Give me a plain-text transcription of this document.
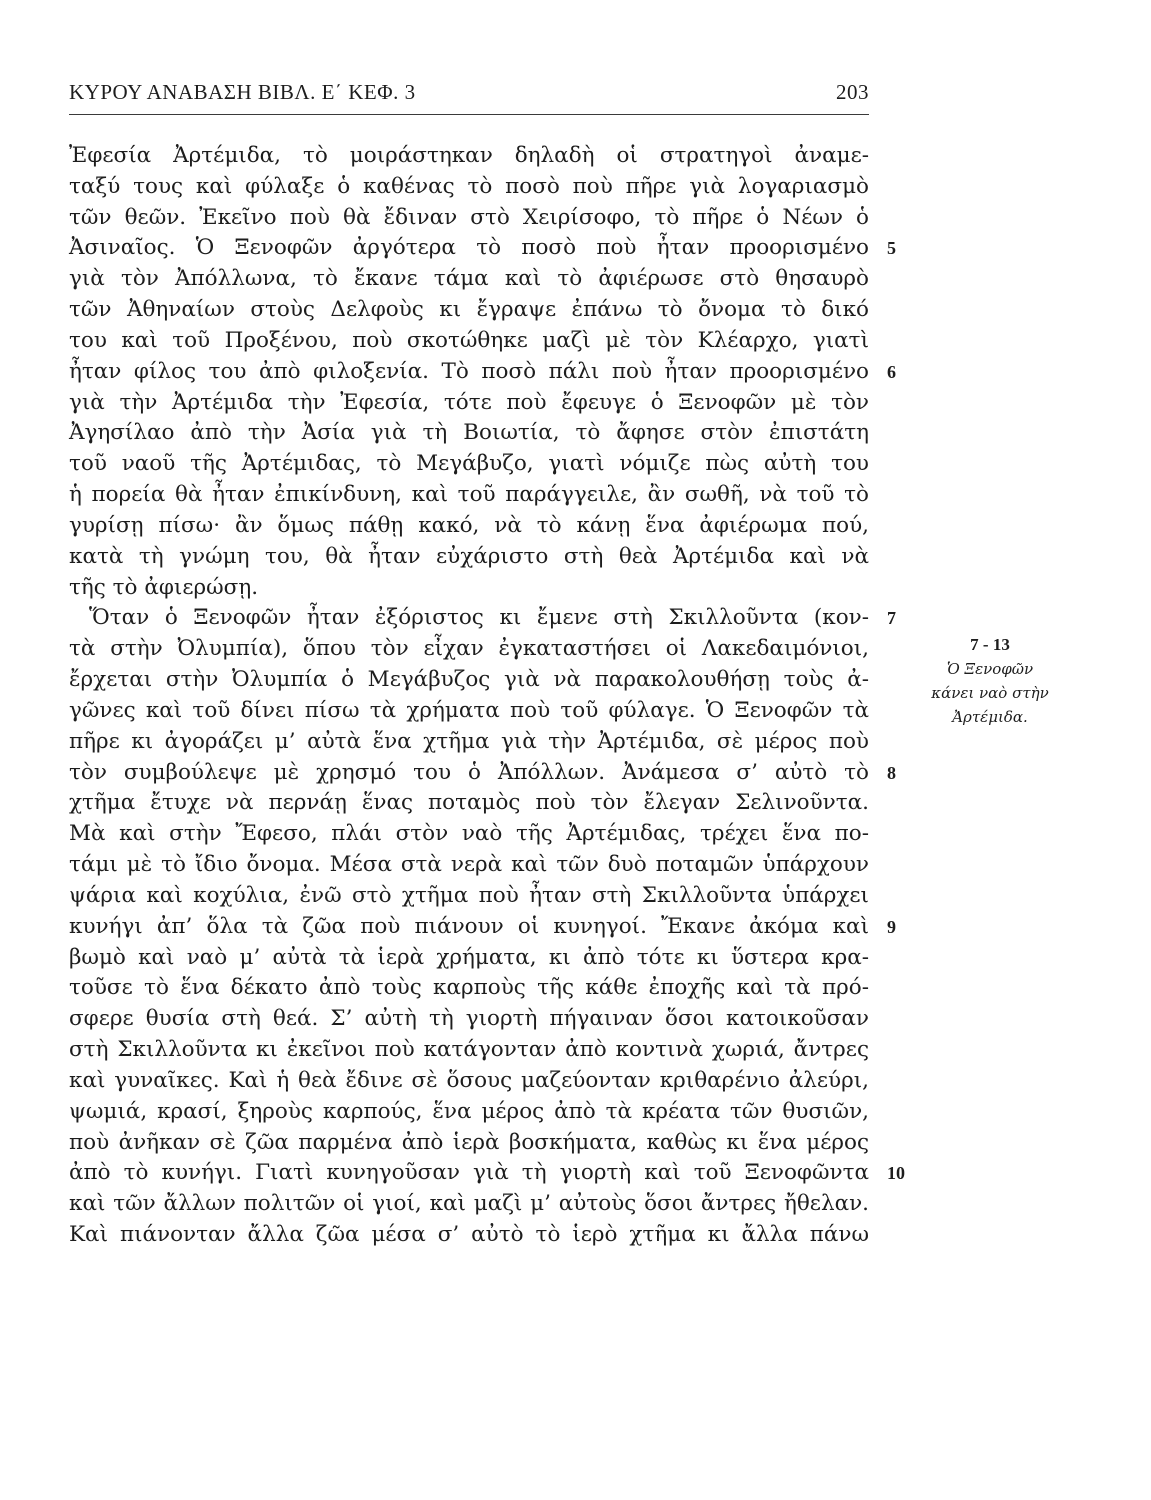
ΚΥΡΟΥ ΑΝΑΒΑΣΗ ΒΙΒΛ. Ε΄ ΚΕΦ. 3	203
Ἐφεσία Ἀρτέμιδα, τὸ μοιράστηκαν δηλαδὴ οἱ στρατηγοὶ ἀναμε-
ταξύ τους καὶ φύλαξε ὁ καθένας τὸ ποσὸ ποὺ πῆρε γιὰ λογαριασμὸ
τῶν θεῶν. Ἐκεῖνο ποὺ θὰ ἔδιναν στὸ Χειρίσοφο, τὸ πῆρε ὁ Νέων ὁ
Ἀσιναῖος. Ὁ Ξενοφῶν ἀργότερα τὸ ποσὸ ποὺ ἦταν προορισμένο 5
γιὰ τὸν Ἀπόλλωνα, τὸ ἔκανε τάμα καὶ τὸ ἀφιέρωσε στὸ θησαυρὸ
τῶν Ἀθηναίων στοὺς Δελφοὺς κι ἔγραψε ἐπάνω τὸ ὄνομα τὸ δικό
του καὶ τοῦ Προξένου, ποὺ σκοτώθηκε μαζὶ μὲ τὸν Κλέαρχο, γιατὶ
ἦταν φίλος του ἀπὸ φιλοξενία. Τὸ ποσὸ πάλι ποὺ ἦταν προορισμένο 6
γιὰ τὴν Ἀρτέμιδα τὴν Ἐφεσία, τότε ποὺ ἔφευγε ὁ Ξενοφῶν μὲ τὸν
Ἀγησίλαο ἀπὸ τὴν Ἀσία γιὰ τὴ Βοιωτία, τὸ ἄφησε στὸν ἐπιστάτη
τοῦ ναοῦ τῆς Ἀρτέμιδας, τὸ Μεγάβυζο, γιατὶ νόμιζε πὼς αὐτὴ του
ἡ πορεία θὰ ἦταν ἐπικίνδυνη, καὶ τοῦ παράγγειλε, ἂν σωθῆ, νὰ τοῦ τὸ
γυρίσῃ πίσω· ἂν ὅμως πάθῃ κακό, νὰ τὸ κάνῃ ἕνα ἀφιέρωμα πού,
κατὰ τὴ γνώμη του, θὰ ἦταν εὐχάριστο στὴ θεὰ Ἀρτέμιδα καὶ νὰ
τῆς τὸ ἀφιερώσῃ.
Ὅταν ὁ Ξενοφῶν ἦταν ἐξόριστος κι ἔμενε στὴ Σκιλλοῦντα (κον- 7
τὰ στὴν Ὀλυμπία), ὅπου τὸν εἶχαν ἐγκαταστήσει οἱ Λακεδαιμόνιοι,
ἔρχεται στὴν Ὀλυμπία ὁ Μεγάβυζος γιὰ νὰ παρακολουθήσῃ τοὺς ἀ-
γῶνες καὶ τοῦ δίνει πίσω τὰ χρήματα ποὺ τοῦ φύλαγε. Ὁ Ξενοφῶν τὰ
πῆρε κι ἀγοράζει μ’ αὐτὰ ἕνα χτῆμα γιὰ τὴν Ἀρτέμιδα, σὲ μέρος ποὺ
τὸν συμβούλεψε μὲ χρησμό του ὁ Ἀπόλλων. Ἀνάμεσα σ’ αὐτὸ τὸ 8
χτῆμα ἔτυχε νὰ περνάῃ ἕνας ποταμὸς ποὺ τὸν ἔλεγαν Σελινοῦντα.
Μὰ καὶ στὴν Ἔφεσο, πλάι στὸν ναὸ τῆς Ἀρτέμιδας, τρέχει ἕνα πο-
τάμι μὲ τὸ ἴδιο ὄνομα. Μέσα στὰ νερὰ καὶ τῶν δυὸ ποταμῶν ὑπάρχουν
ψάρια καὶ κοχύλια, ἐνῶ στὸ χτῆμα ποὺ ἦταν στὴ Σκιλλοῦντα ὑπάρχει
κυνήγι ἀπ’ ὅλα τὰ ζῶα ποὺ πιάνουν οἱ κυνηγοί. Ἔκανε ἀκόμα καὶ 9
βωμὸ καὶ ναὸ μ’ αὐτὰ τὰ ἱερὰ χρήματα, κι ἀπὸ τότε κι ὕστερα κρα-
τοῦσε τὸ ἕνα δέκατο ἀπὸ τοὺς καρποὺς τῆς κάθε ἐποχῆς καὶ τὰ πρό-
σφερε θυσία στὴ θεά. Σ’ αὐτὴ τὴ γιορτὴ πήγαιναν ὅσοι κατοικοῦσαν
στὴ Σκιλλοῦντα κι ἐκεῖνοι ποὺ κατάγονταν ἀπὸ κοντινὰ χωριά, ἄντρες
καὶ γυναῖκες. Καὶ ἡ θεὰ ἔδινε σὲ ὅσους μαζεύονταν κριθαρένιο ἀλεύρι,
ψωμιά, κρασί, ξηροὺς καρπούς, ἕνα μέρος ἀπὸ τὰ κρέατα τῶν θυσιῶν,
ποὺ ἀνῆκαν σὲ ζῶα παρμένα ἀπὸ ἱερὰ βοσκήματα, καθὼς κι ἕνα μέρος
ἀπὸ τὸ κυνήγι. Γιατὶ κυνηγοῦσαν γιὰ τὴ γιορτὴ καὶ τοῦ Ξενοφῶντα 10
καὶ τῶν ἄλλων πολιτῶν οἱ γιοί, καὶ μαζὶ μ’ αὐτοὺς ὅσοι ἄντρες ἤθελαν.
Καὶ πιάνονταν ἄλλα ζῶα μέσα σ’ αὐτὸ τὸ ἱερὸ χτῆμα κι ἄλλα πάνω
7 - 13
Ὁ Ξενοφῶν
κάνει ναὸ στὴν
Ἀρτέμιδα.
